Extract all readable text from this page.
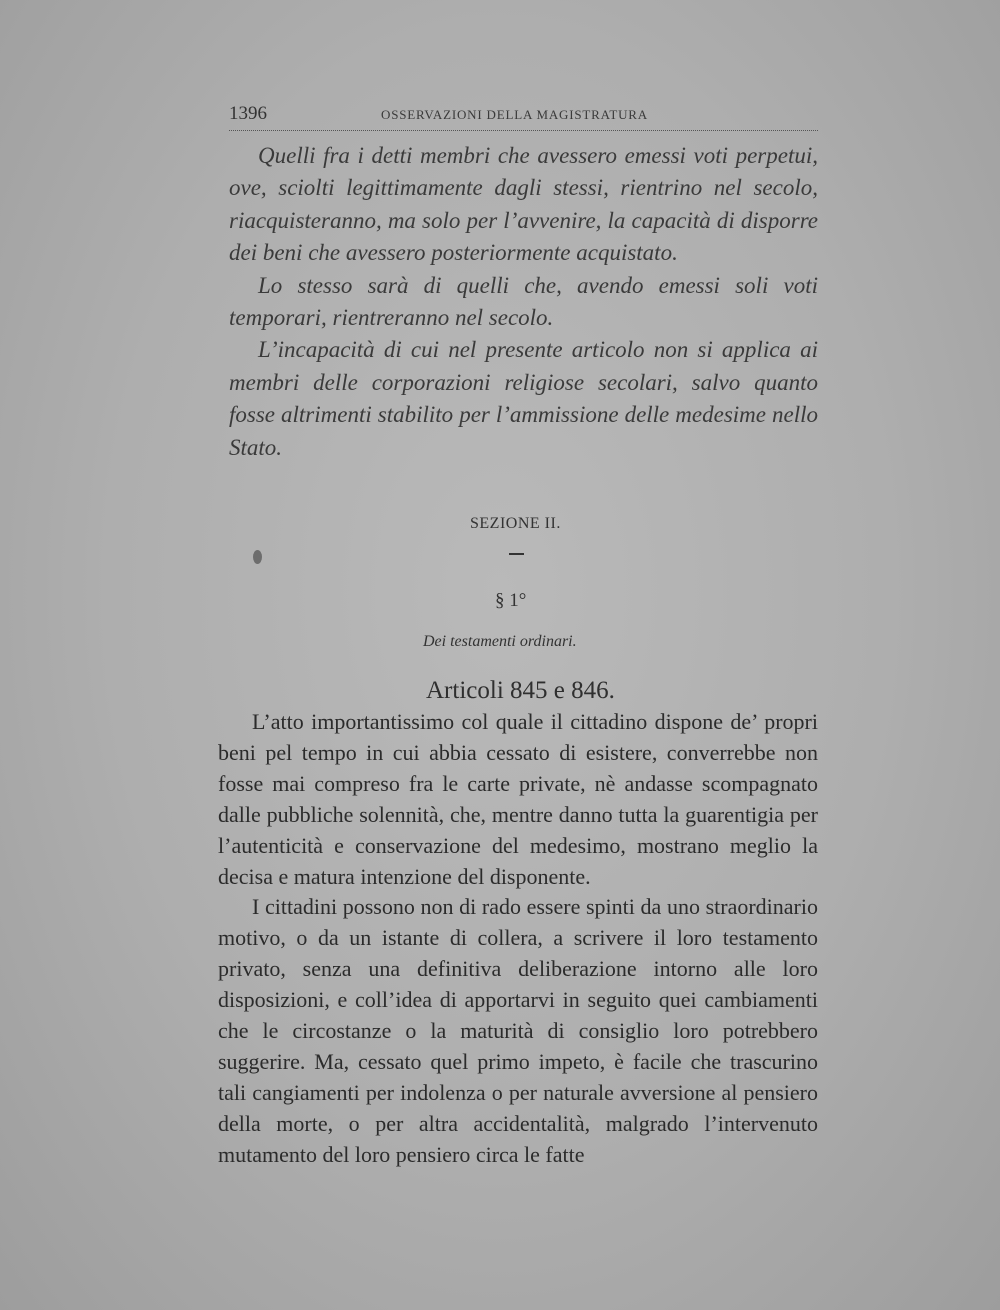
1396	OSSERVAZIONI DELLA MAGISTRATURA

Quelli fra i detti membri che avessero emessi voti perpetui, ove, sciolti legittimamente dagli stessi, rientrino nel secolo, riacquisteranno, ma solo per l’avvenire, la capacità di disporre dei beni che avessero posteriormente acquistato.

Lo stesso sarà di quelli che, avendo emessi soli voti temporari, rientreranno nel secolo.

L’incapacità di cui nel presente articolo non si applica ai membri delle corporazioni religiose secolari, salvo quanto fosse altrimenti stabilito per l’ammissione delle medesime nello Stato.

SEZIONE II.
§ 1°
Dei testamenti ordinari.
Articoli 845 e 846.

L’atto importantissimo col quale il cittadino dispone de’ propri beni pel tempo in cui abbia cessato di esistere, converrebbe non fosse mai compreso fra le carte private, nè andasse scompagnato dalle pubbliche solennità, che, mentre danno tutta la guarentigia per l’autenticità e conservazione del medesimo, mostrano meglio la decisa e matura intenzione del disponente.

I cittadini possono non di rado essere spinti da uno straordinario motivo, o da un istante di collera, a scrivere il loro testamento privato, senza una definitiva deliberazione intorno alle loro disposizioni, e coll’idea di apportarvi in seguito quei cambiamenti che le circostanze o la maturità di consiglio loro potrebbero suggerire. Ma, cessato quel primo impeto, è facile che trascurino tali cangiamenti per indolenza o per naturale avversione al pensiero della morte, o per altra accidentalità, malgrado l’intervenuto mutamento del loro pensiero circa le fatte
